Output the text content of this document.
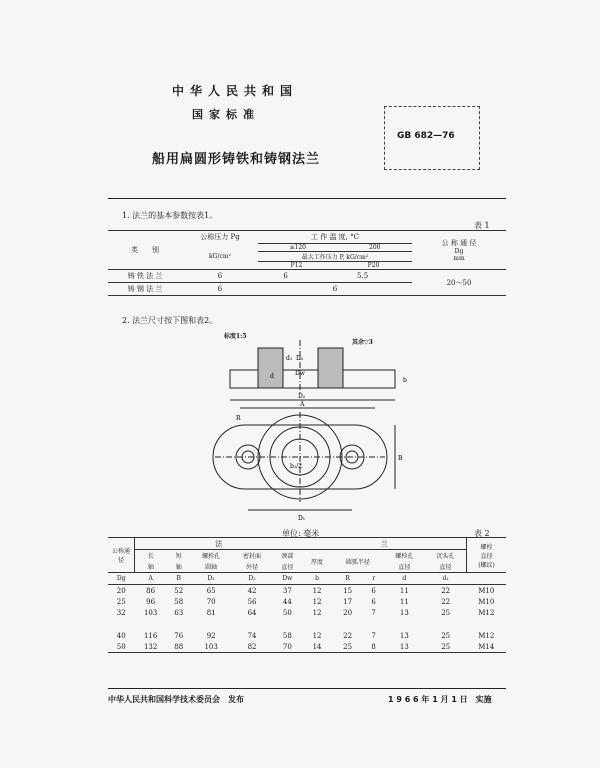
中华人民共和国
国家标准
船用扁圆形铸铁和铸钢法兰
GB 682—76
1. 法兰的基本参数按表1。
表 1
类　　别	公称压力 Pg	工 作 温 度, °C		公 称 通 径
Dg
mm

	kG/cm²	≤120 200
最大工作压力 P, kG/cm²
P12 P20		

铸 铁 法 兰	6	6	5.5	20～50
铸 钢 法 兰	6	6		
2. 法兰尺寸按下图和表2。
标度1:5
其余▽3
d₁
d
D₀
Dw
D₂
A
R
B
D₁
b
b₁/2
单位: 毫米	表 2
公称通径	法					兰					螺栓
直径
(螺纹)

	长	短	螺栓孔	密封面	颈部	厚度	圆弧半径		螺栓孔	沉头孔	
	轴	轴	圆轴	外径	直径				直径	直径	
Dg	A	B	D₁	D₂	Dw	b	R	r	d	d₁	
20	86	52	65	42	37	12	15	6	11	22	M10
25	96	58	70	56	44	12	17	6	11	22	M10
32	103	63	81	64	50	12	20	7	13	25	M12

40	116	76	92	74	58	12	22	7	13	25	M12
50	132	88	103	82	70	14	25	8	13	25	M14
中华人民共和国科学技术委员会　发布	1 9 6 6 年 1 月 1 日　实施
